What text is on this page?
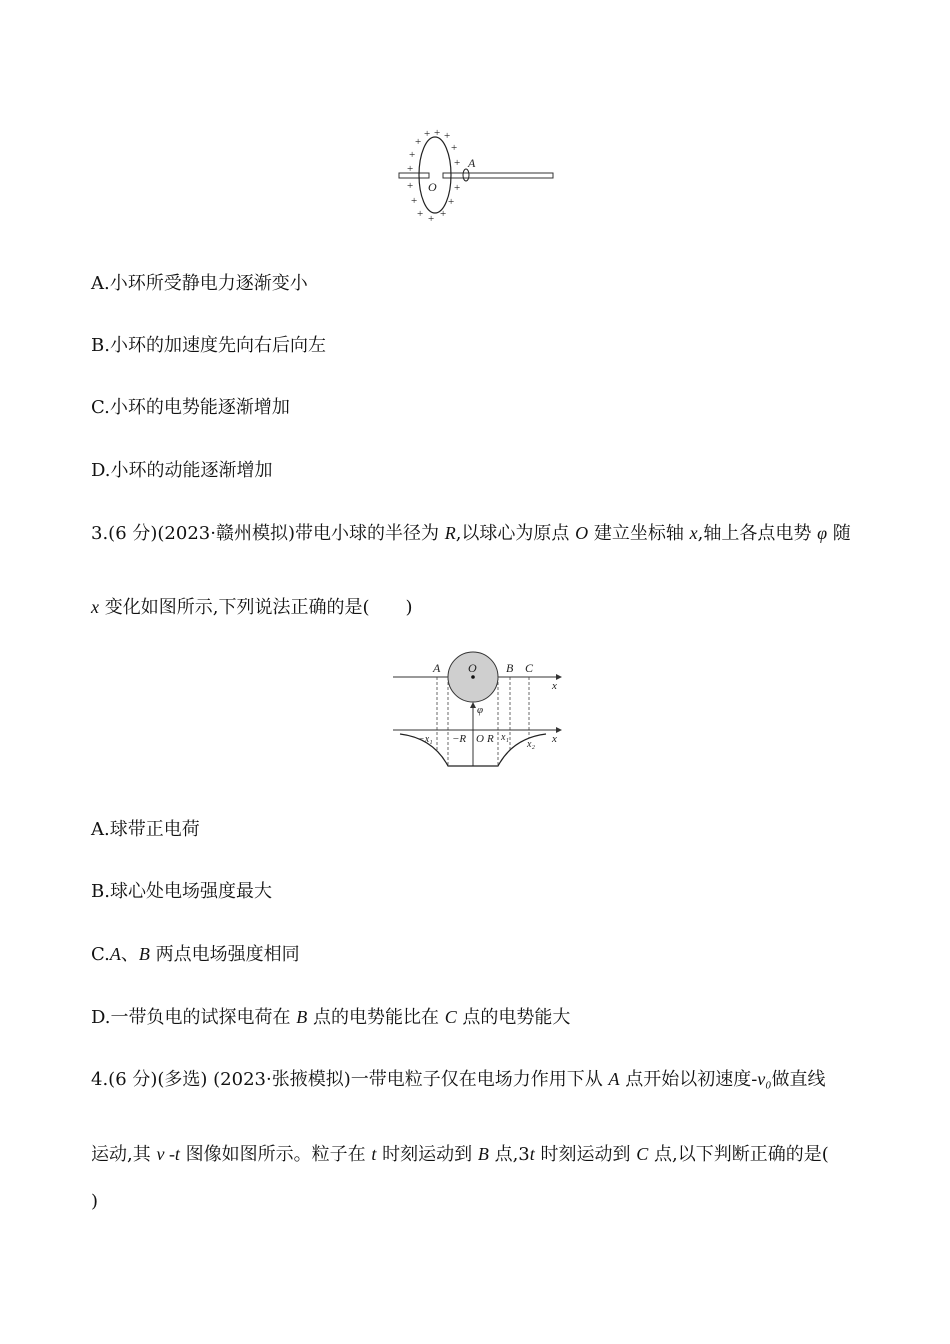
+
+ + +
+
+
+
+
+
+
+ + +
+
+
A
O
A.小环所受静电力逐渐变小
B.小环的加速度先向右后向左
C.小环的电势能逐渐增加
D.小环的动能逐渐增加
3.(6 分)(2023·赣州模拟)带电小球的半径为 R,以球心为原点 O 建立坐标轴 x,轴上各点电势 φ 随
x 变化如图所示,下列说法正确的是(　　)
O
A	B C
x
φ
x
−x₁ −R O R x₁
x₂
A.球带正电荷
B.球心处电场强度最大
C.A、B 两点电场强度相同
D.一带负电的试探电荷在 B 点的电势能比在 C 点的电势能大
4.(6 分)(多选) (2023·张掖模拟)一带电粒子仅在电场力作用下从 A 点开始以初速度-v₀做直线
运动,其 v -t 图像如图所示。粒子在 t 时刻运动到 B 点,3t 时刻运动到 C 点,以下判断正确的是(
)
